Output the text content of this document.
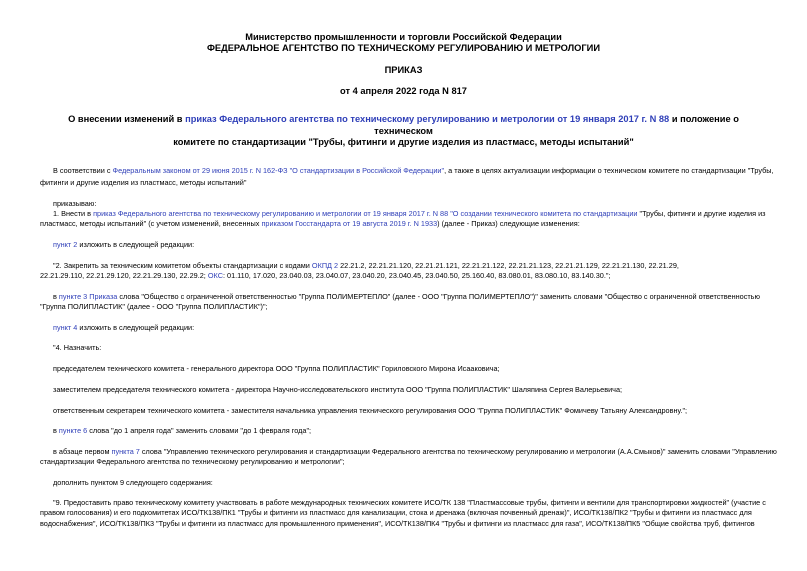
Министерство промышленности и торговли Российской Федерации
ФЕДЕРАЛЬНОЕ АГЕНТСТВО ПО ТЕХНИЧЕСКОМУ РЕГУЛИРОВАНИЮ И МЕТРОЛОГИИ
ПРИКАЗ
от 4 апреля 2022 года N 817
О внесении изменений в приказ Федерального агентства по техническому регулированию и метрологии от 19 января 2017 г. N 88 и положение о техническом
комитете по стандартизации "Трубы, фитинги и другие изделия из пластмасс, методы испытаний"
В соответствии с Федеральным законом от 29 июня 2015 г. N 162-ФЗ "О стандартизации в Российской Федерации", а также в целях актуализации информации о техническом комитете по стандартизации "Трубы,
фитинги и другие изделия из пластмасс, методы испытаний"
приказываю:
1. Внести в приказ Федерального агентства по техническому регулированию и метрологии от 19 января 2017 г. N 88 "О создании технического комитета по стандартизации "Трубы, фитинги и другие изделия из
пластмасс, методы испытаний" (с учетом изменений, внесенных приказом Госстандарта от 19 августа 2019 г. N 1933) (далее - Приказ) следующие изменения:
пункт 2 изложить в следующей редакции:
"2. Закрепить за техническим комитетом объекты стандартизации с кодами ОКПД 2 22.21.2, 22.21.21.120, 22.21.21.121, 22.21.21.122, 22.21.21.123, 22.21.21.129, 22.21.21.130, 22.21.29,
22.21.29.110, 22.21.29.120, 22.21.29.130, 22.29.2; ОКС: 01.110, 17.020, 23.040.03, 23.040.07, 23.040.20, 23.040.45, 23.040.50, 25.160.40, 83.080.01, 83.080.10, 83.140.30.";
в пункте 3 Приказа слова "Общество с ограниченной ответственностью "Группа ПОЛИМЕРТЕПЛО" (далее - ООО "Группа ПОЛИМЕРТЕПЛО")" заменить словами "Общество с ограниченной ответственностью
"Группа ПОЛИПЛАСТИК" (далее - ООО "Группа ПОЛИПЛАСТИК")";
пункт 4 изложить в следующей редакции:
"4. Назначить:
председателем технического комитета - генерального директора ООО "Группа ПОЛИПЛАСТИК" Гориловского Мирона Исааковича;
заместителем председателя технического комитета - директора Научно-исследовательского института ООО "Группа ПОЛИПЛАСТИК" Шаляпина Сергея Валерьевича;
ответственным секретарем технического комитета - заместителя начальника управления технического регулирования ООО "Группа ПОЛИПЛАСТИК" Фомичеву Татьяну Александровну.";
в пункте 6 слова "до 1 апреля года" заменить словами "до 1 февраля года";
в абзаце первом пункта 7 слова "Управлению технического регулирования и стандартизации Федерального агентства по техническому регулированию и метрологии (А.А.Смыков)" заменить словами "Управлению
стандартизации Федерального агентства по техническому регулированию и метрологии";
дополнить пунктом 9 следующего содержания:
"9. Предоставить право техническому комитету участвовать в работе международных технических комитете ИСО/ТК 138 "Пластмассовые трубы, фитинги и вентили для транспортировки жидкостей" (участие с
правом голосования) и его подкомитетах ИСО/ТК138/ПК1 "Трубы и фитинги из пластмасс для канализации, стока и дренажа (включая почвенный дренаж)", ИСО/ТК138/ПК2 "Трубы и фитинги из пластмасс для
водоснабжения", ИСО/ТК138/ПК3 "Трубы и фитинги из пластмасс для промышленного применения", ИСО/ТК138/ПК4 "Трубы и фитинги из пластмасс для газа", ИСО/ТК138/ПК5 "Общие свойства труб, фитингов
